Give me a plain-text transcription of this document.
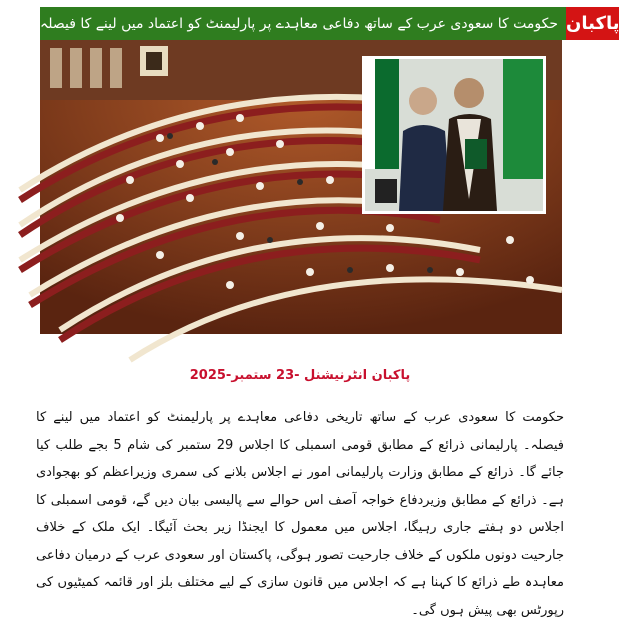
حکومت کا سعودی عرب کے ساتھ دفاعی معاہدے پر پارلیمنٹ کو اعتماد میں لینے کا فیصلہ پاکبان
پاکبان انٹرنیشنل -23 ستمبر-2025
حکومت کا سعودی عرب کے ساتھ تاریخی دفاعی معاہدے پر پارلیمنٹ کو اعتماد میں لینے کا فیصلہ۔ پارلیمانی ذرائع کے مطابق قومی اسمبلی کا اجلاس 29 ستمبر کی شام 5 بجے طلب کیا جائے گا۔ ذرائع کے مطابق وزارت پارلیمانی امور نے اجلاس بلانے کی سمری وزیراعظم کو بھجوادی ہے۔ ذرائع کے مطابق وزیردفاع خواجہ آصف اس حوالے سے پالیسی بیان دیں گے، قومی اسمبلی کا اجلاس دو ہفتے جاری رہیگا، اجلاس میں معمول کا ایجنڈا زیر بحث آئیگا۔ ایک ملک کے خلاف جارحیت دونوں ملکوں کے خلاف جارحیت تصور ہوگی، پاکستان اور سعودی عرب کے درمیان دفاعی معاہدہ طے ذرائع کا کہنا ہے کہ اجلاس میں قانون سازی کے لیے مختلف بلز اور قائمہ کمیٹیوں کی رپورٹس بھی پیش ہوں گی۔
